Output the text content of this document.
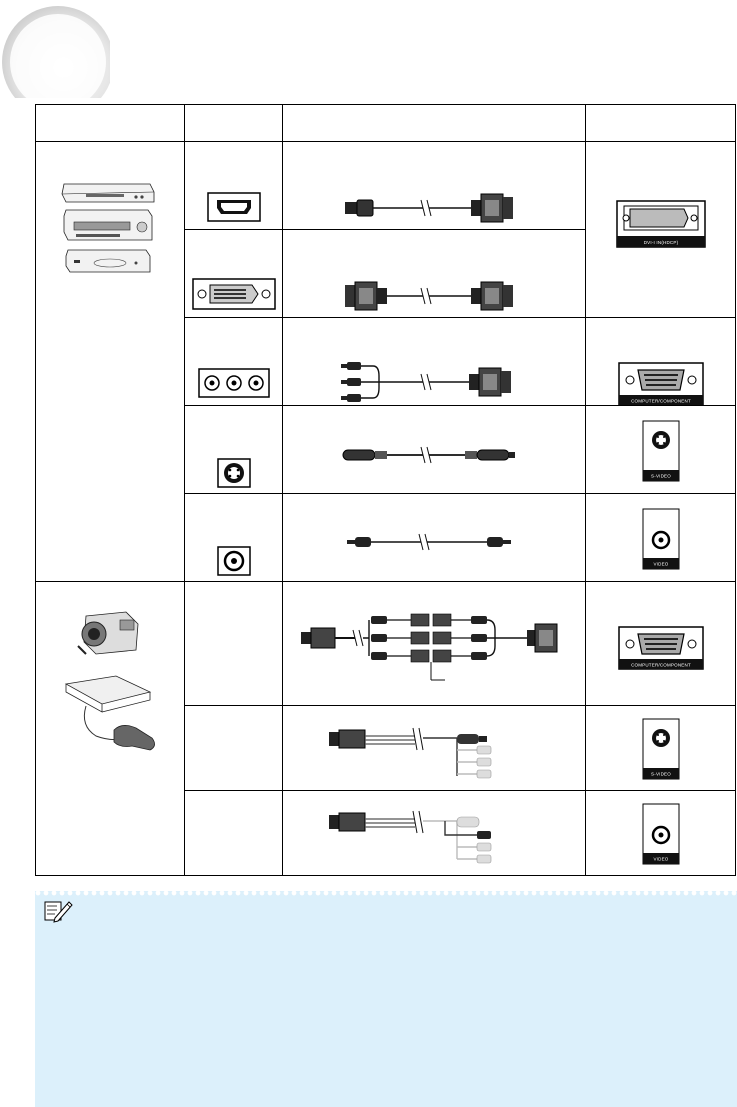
DVI-I IN(HDCP)

COMPUTER/COMPONENT

S-VIDEO

VIDEO

COMPUTER/COMPONENT

S-VIDEO

VIDEO
